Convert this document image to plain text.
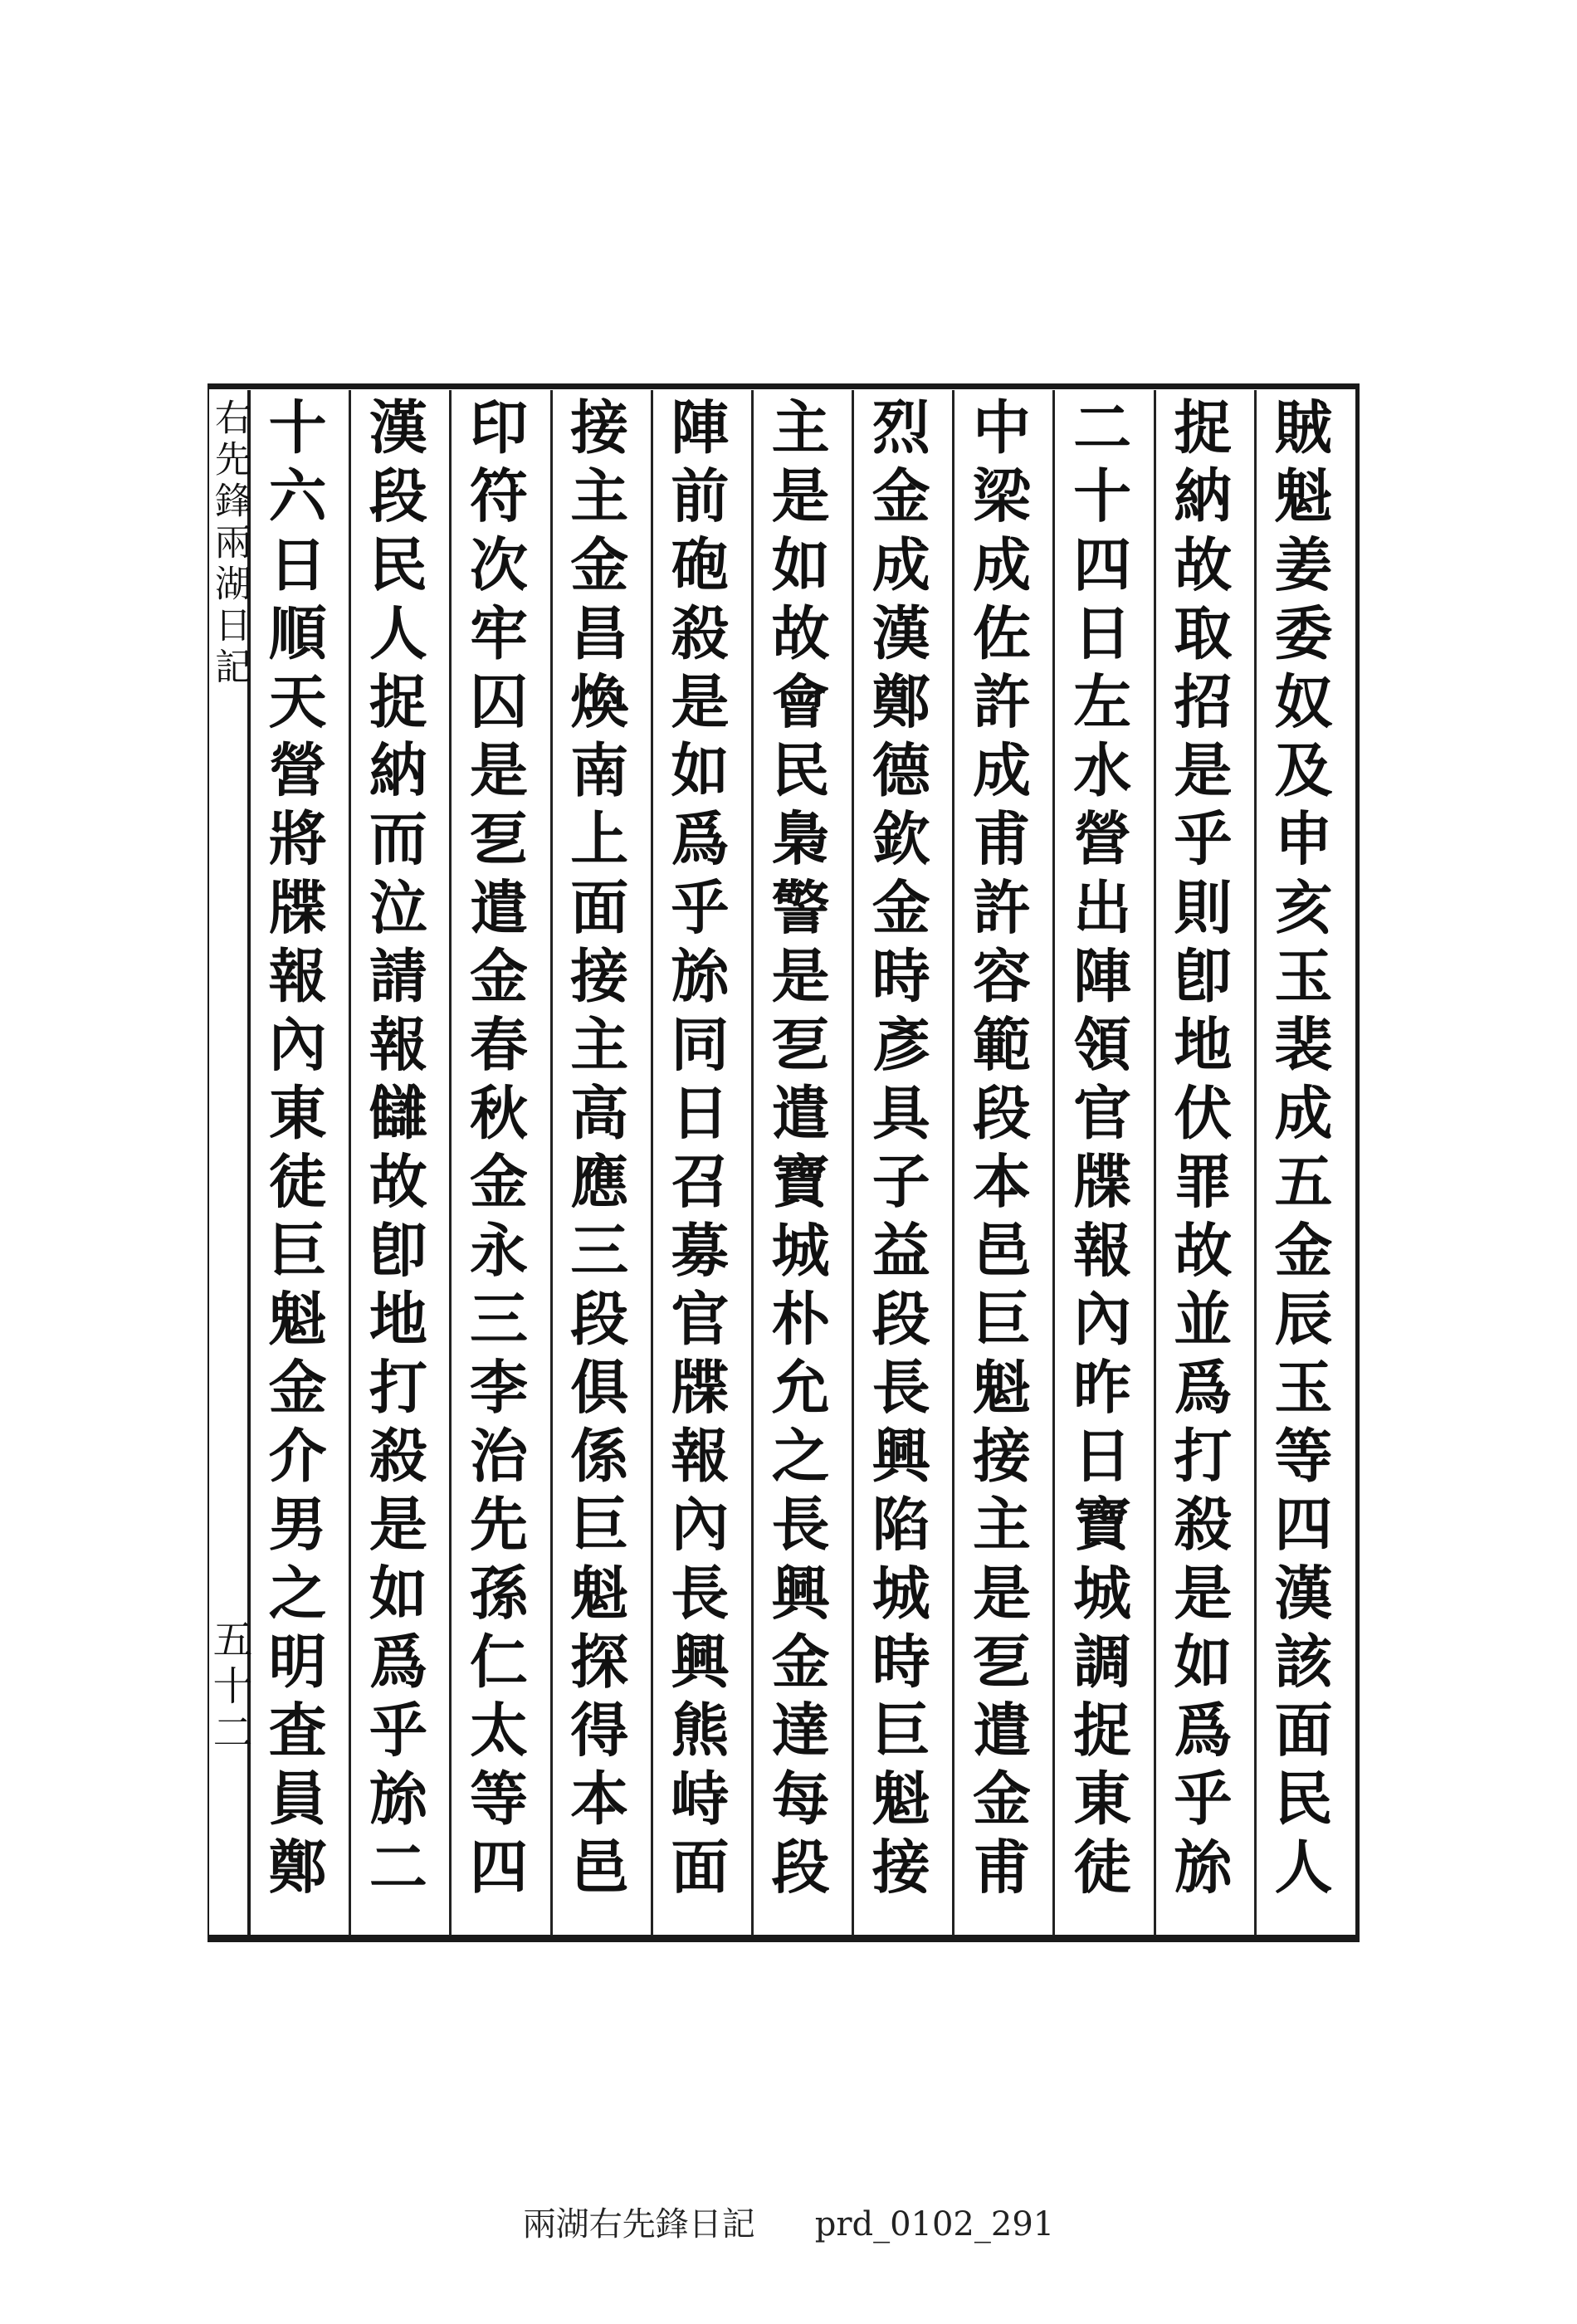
右先鋒兩湖日記
五十二	賊魁姜委奴及申亥玉裴成五金辰玉等四漢該面民人
捉納故取招是乎則卽地伏罪故並爲打殺是如爲乎旀
二十四日左水營出陣領官牒報內昨日寶城調捉東徒
中梁成佐許成甫許容範段本邑巨魁接主是乭遣金甫
烈金成漢鄭德欽金時彥具子益段長興陷城時巨魁接
主是如故會民梟警是乭遣寶城朴允之長興金達每段
陣前砲殺是如爲乎旀同日召募官牒報內長興熊峙面
接主金昌煥南上面接主高應三段俱係巨魁探得本邑
印符次牢囚是乭遣金春秋金永三李治先孫仁太等四
漢段民人捉納而泣請報讎故卽地打殺是如爲乎旀二
十六日順天營將牒報內東徒巨魁金介男之明査員鄭
兩湖右先鋒日記 prd_0102_291
